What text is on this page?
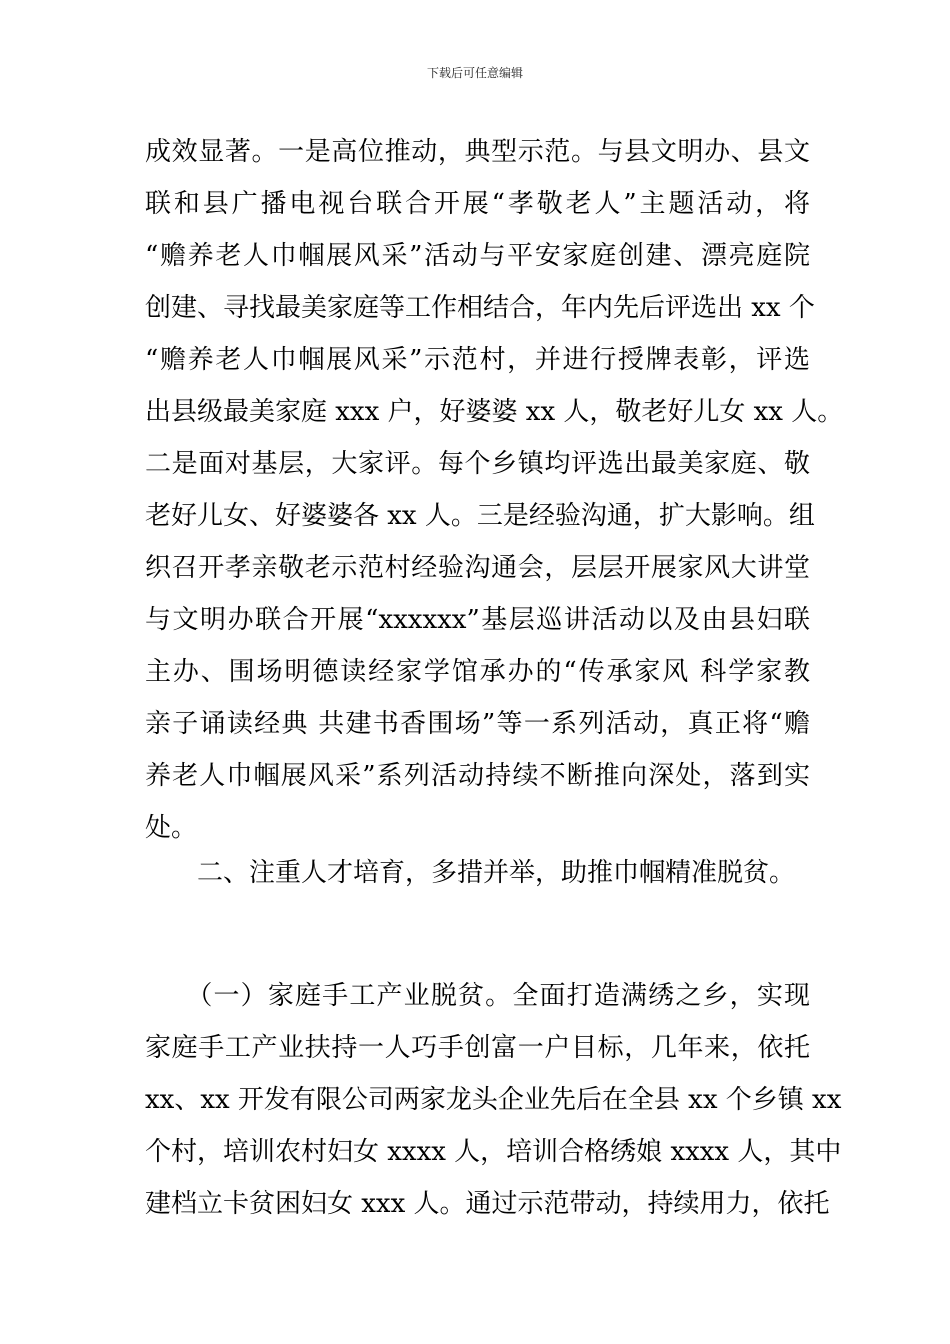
下载后可任意编辑
成效显著。一是高位推动，典型示范。与县文明办、县文
联和县广播电视台联合开展“孝敬老人”主题活动，将
“赡养老人巾帼展风采”活动与平安家庭创建、漂亮庭院
创建、寻找最美家庭等工作相结合，年内先后评选出 xx 个
“赡养老人巾帼展风采”示范村，并进行授牌表彰，评选
出县级最美家庭 xxx 户，好婆婆 xx 人，敬老好儿女 xx 人。
二是面对基层，大家评。每个乡镇均评选出最美家庭、敬
老好儿女、好婆婆各 xx 人。三是经验沟通，扩大影响。组
织召开孝亲敬老示范村经验沟通会，层层开展家风大讲堂
与文明办联合开展“xxxxxx”基层巡讲活动以及由县妇联
主办、围场明德读经家学馆承办的“传承家风 科学家教
亲子诵读经典 共建书香围场”等一系列活动，真正将“赡
养老人巾帼展风采”系列活动持续不断推向深处，落到实
处。
　　二、注重人才培育，多措并举，助推巾帼精准脱贫。
　　（一）家庭手工产业脱贫。全面打造满绣之乡，实现
家庭手工产业扶持一人巧手创富一户目标，几年来，依托
xx、xx 开发有限公司两家龙头企业先后在全县 xx 个乡镇 xx
个村，培训农村妇女 xxxx 人，培训合格绣娘 xxxx 人，其中
建档立卡贫困妇女 xxx 人。通过示范带动，持续用力，依托
